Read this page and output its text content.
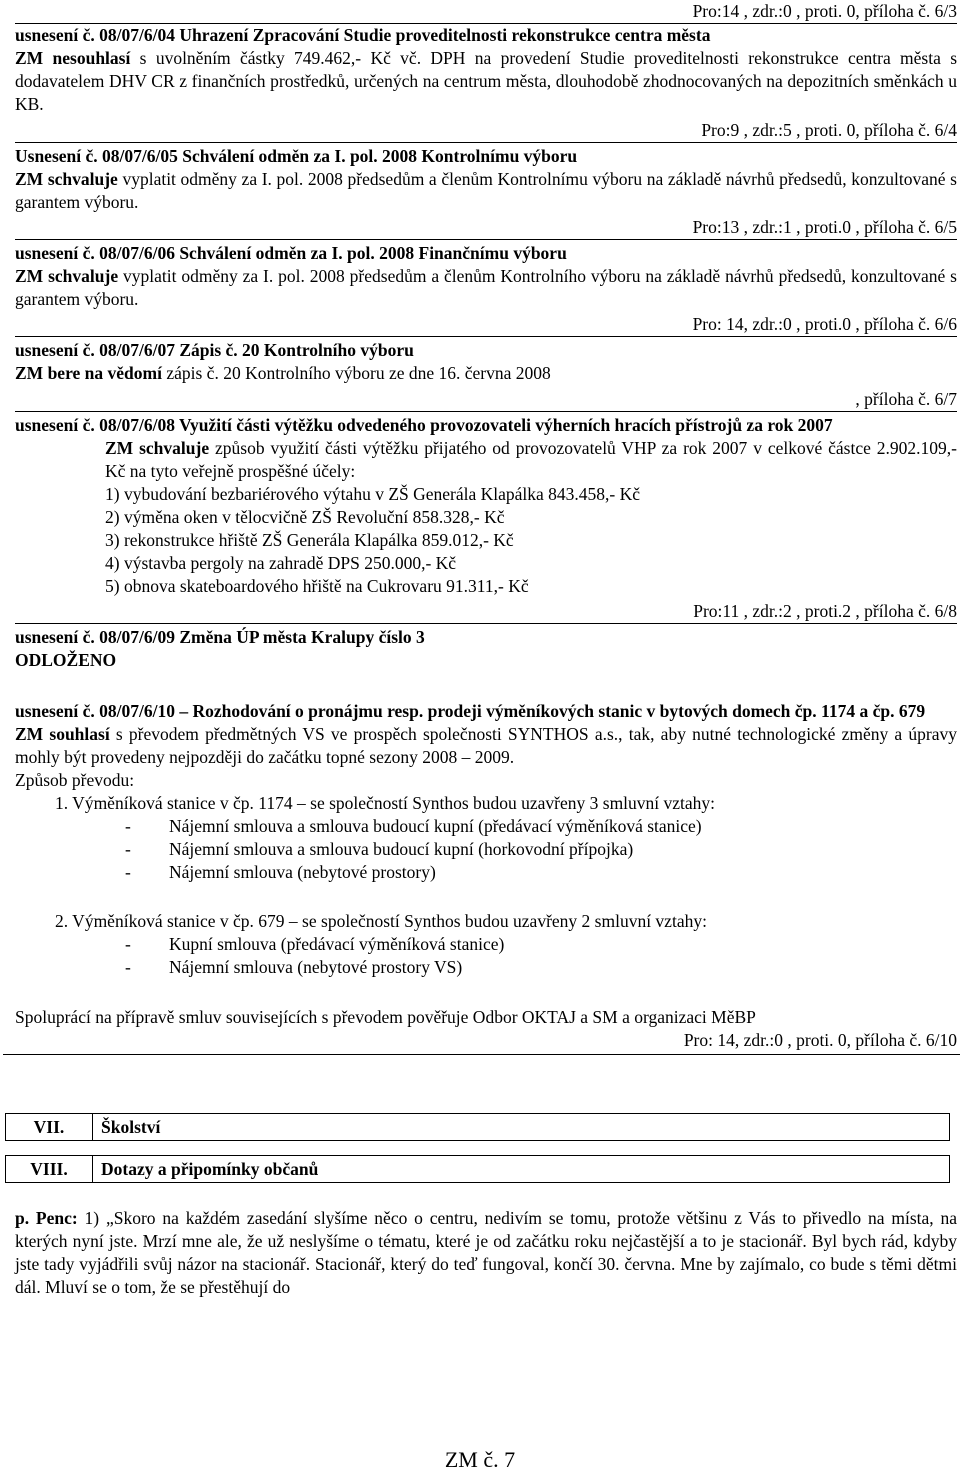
Pro:14 , zdr.:0 , proti. 0, příloha č. 6/3

usnesení č. 08/07/6/04 Uhrazení Zpracování Studie proveditelnosti rekonstrukce centra města

ZM nesouhlasí s uvolněním částky 749.462,- Kč vč. DPH na provedení Studie proveditelnosti rekonstrukce centra města s dodavatelem DHV CR z finančních prostředků, určených na centrum města, dlouhodobě zhodnocovaných na depozitních směnkách u KB.

Pro:9 , zdr.:5 , proti. 0, příloha č. 6/4

Usnesení č. 08/07/6/05 Schválení odměn za I. pol. 2008 Kontrolnímu výboru

ZM schvaluje vyplatit odměny za I. pol. 2008 předsedům a členům Kontrolnímu výboru na základě návrhů předsedů, konzultované s garantem výboru.

Pro:13 , zdr.:1 , proti.0 , příloha č. 6/5

usnesení č. 08/07/6/06 Schválení odměn za I. pol. 2008 Finančnímu výboru

ZM schvaluje vyplatit odměny za I. pol. 2008 předsedům a členům Kontrolního výboru na základě návrhů předsedů, konzultované s garantem výboru.

Pro: 14, zdr.:0 , proti.0 , příloha č. 6/6

usnesení č. 08/07/6/07 Zápis č. 20 Kontrolního výboru

ZM bere na vědomí zápis č. 20 Kontrolního výboru ze dne 16. června 2008

, příloha č. 6/7

usnesení č. 08/07/6/08 Využití části výtěžku odvedeného provozovateli výherních hracích přístrojů za rok 2007

ZM schvaluje způsob využití části výtěžku přijatého od provozovatelů VHP za rok 2007 v celkové částce 2.902.109,- Kč na tyto veřejně prospěšné účely:

1) vybudování bezbariérového výtahu v ZŠ Generála Klapálka 843.458,- Kč

2) výměna oken v tělocvičně ZŠ Revoluční 858.328,- Kč

3) rekonstrukce hřiště ZŠ Generála Klapálka 859.012,- Kč

4) výstavba pergoly na zahradě DPS 250.000,- Kč

5) obnova skateboardového hřiště na Cukrovaru 91.311,- Kč

Pro:11 , zdr.:2 , proti.2 , příloha č. 6/8

usnesení č. 08/07/6/09 Změna ÚP města Kralupy číslo 3

ODLOŽENO

usnesení č. 08/07/6/10 – Rozhodování o pronájmu resp. prodeji výměníkových stanic v bytových domech čp. 1174 a čp. 679

ZM souhlasí s převodem předmětných VS ve prospěch společnosti SYNTHOS a.s., tak, aby nutné technologické změny a úpravy mohly být provedeny nejpozději do začátku topné sezony 2008 – 2009.

Způsob převodu:

1. Výměníková stanice v čp. 1174 – se společností Synthos budou uzavřeny 3 smluvní vztahy:

- Nájemní smlouva a smlouva budoucí kupní (předávací výměníková stanice)

- Nájemní smlouva a smlouva budoucí kupní (horkovodní přípojka)

- Nájemní smlouva (nebytové prostory)

2. Výměníková stanice v čp. 679 – se společností Synthos budou uzavřeny 2 smluvní vztahy:

- Kupní smlouva (předávací výměníková stanice)

- Nájemní smlouva (nebytové prostory VS)

Spoluprácí na přípravě smluv souvisejících s převodem pověřuje Odbor OKTAJ a SM a organizaci MěBP

Pro: 14, zdr.:0 , proti. 0, příloha č. 6/10
VII.	Školství
VIII.	Dotazy a připomínky občanů

p. Penc: 1) „Skoro na každém zasedání slyšíme něco o centru, nedivím se tomu, protože většinu z Vás to přivedlo na místa, na kterých nyní jste. Mrzí mne ale, že už neslyšíme o tématu, které je od začátku roku nejčastější a to je stacionář. Byl bych rád, kdyby jste tady vyjádřili svůj názor na stacionář. Stacionář, který do teď fungoval, končí 30. června. Mne by zajímalo, co bude s těmi dětmi dál. Mluví se o tom, že se přestěhují do

ZM č. 7
